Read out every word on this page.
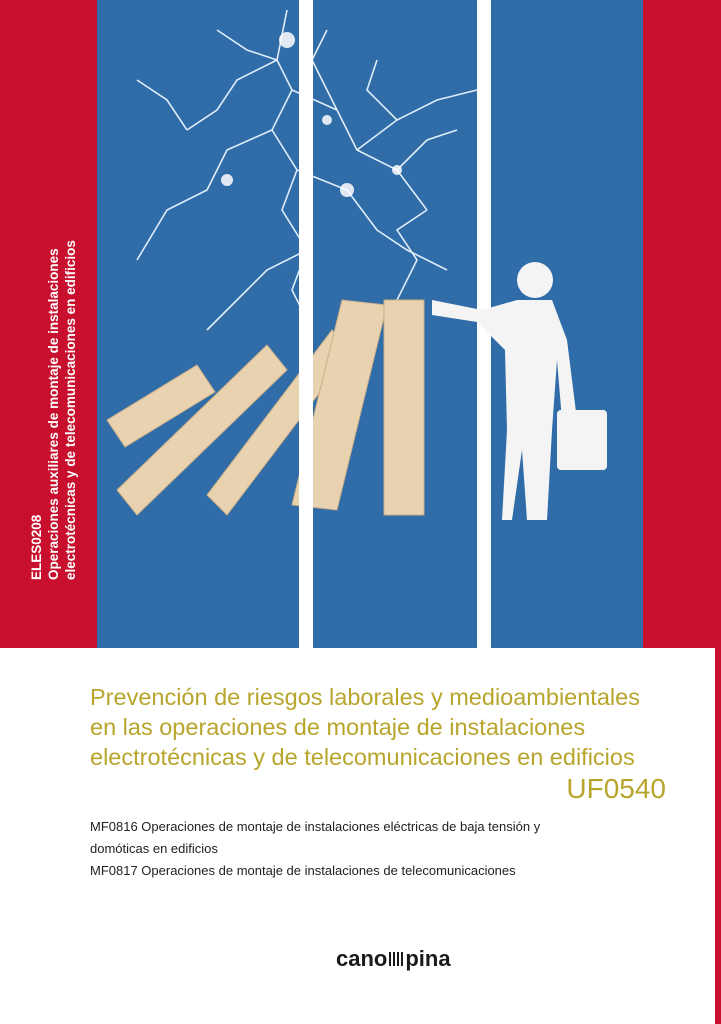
ELES0208 Operaciones auxiliares de montaje de instalaciones electrotécnicas y de telecomunicaciones en edificios
Prevención de riesgos laborales y medioambientales
en las operaciones de montaje de instalaciones
electrotécnicas y de telecomunicaciones en edificios
UF0540
MF0816 Operaciones de montaje de instalaciones eléctricas de baja tensión y
domóticas en edificios
MF0817 Operaciones de montaje de instalaciones de telecomunicaciones
cano pina
